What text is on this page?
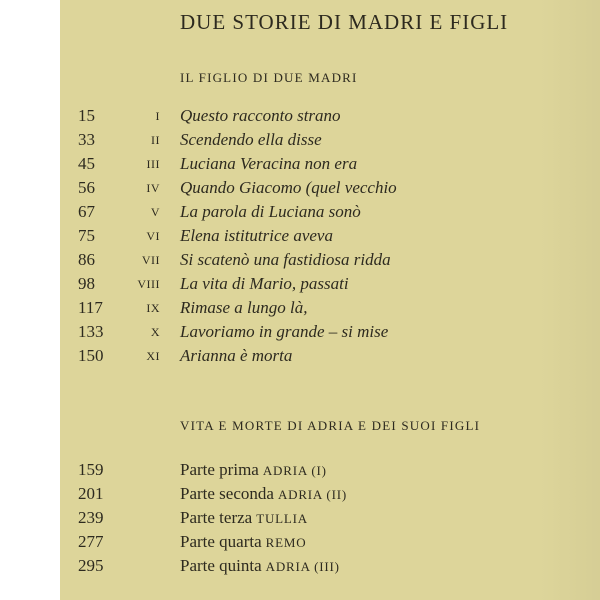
DUE STORIE DI MADRI E FIGLI
IL FIGLIO DI DUE MADRI
15	I Questo racconto strano
33	II Scendendo ella disse
45	III Luciana Veracina non era
56	IV Quando Giacomo (quel vecchio
67	V La parola di Luciana sonò
75	VI Elena istitutrice aveva
86	VII Si scatenò una fastidiosa ridda
98	VIII La vita di Mario, passati
117	IX Rimase a lungo là,
133	X Lavoriamo in grande – si mise
150	XI Arianna è morta
VITA E MORTE DI ADRIA E DEI SUOI FIGLI
159	Parte prima ADRIA (I)
201	Parte seconda ADRIA (II)
239	Parte terza TULLIA
277	Parte quarta REMO
295	Parte quinta ADRIA (III)
